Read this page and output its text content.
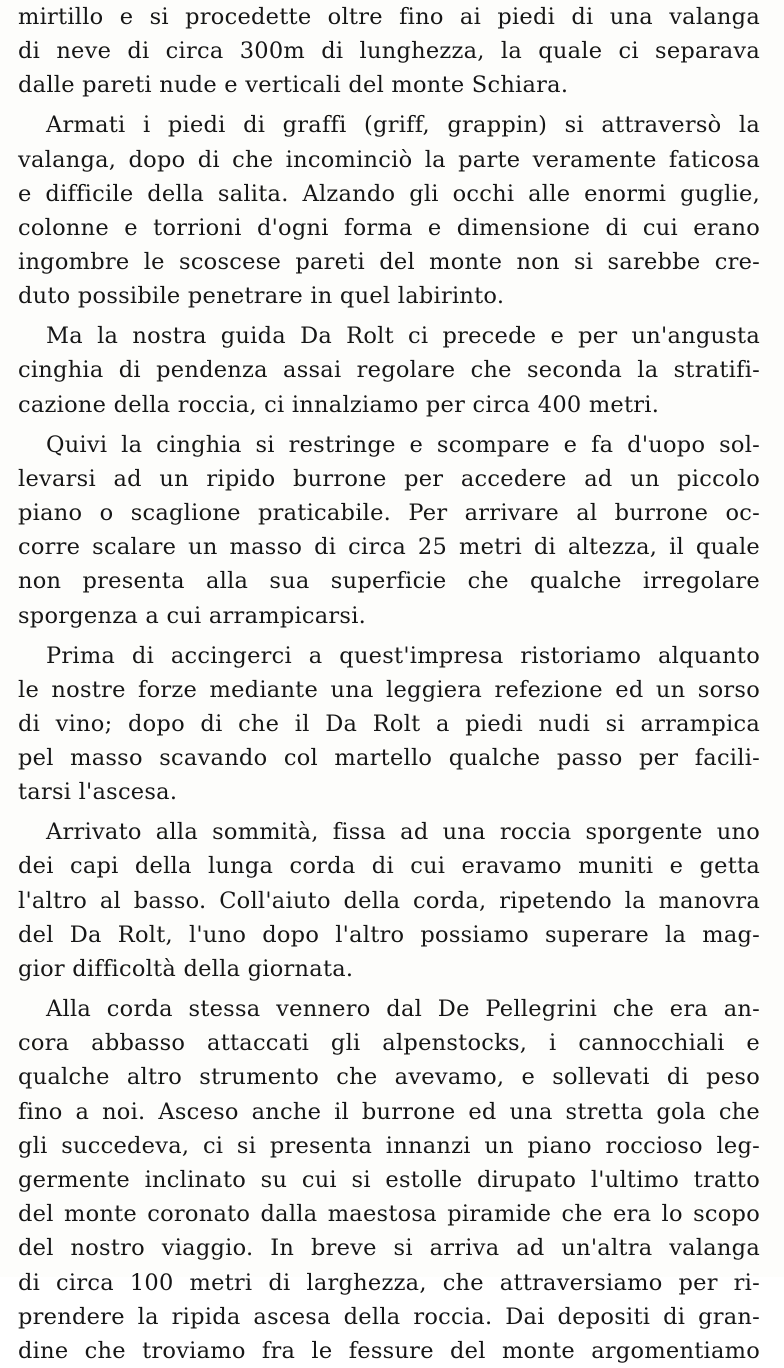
mirtillo e si procedette oltre fino ai piedi di una valanga
di neve di circa 300m di lunghezza, la quale ci separava
dalle pareti nude e verticali del monte Schiara.
Armati i piedi di graffi (griff, grappin) si attraversò la
valanga, dopo di che incominciò la parte veramente faticosa
e difficile della salita. Alzando gli occhi alle enormi guglie,
colonne e torrioni d'ogni forma e dimensione di cui erano
ingombre le scoscese pareti del monte non si sarebbe cre-
duto possibile penetrare in quel labirinto.
Ma la nostra guida Da Rolt ci precede e per un'angusta
cinghia di pendenza assai regolare che seconda la stratifi-
cazione della roccia, ci innalziamo per circa 400 metri.
Quivi la cinghia si restringe e scompare e fa d'uopo sol-
levarsi ad un ripido burrone per accedere ad un piccolo
piano o scaglione praticabile. Per arrivare al burrone oc-
corre scalare un masso di circa 25 metri di altezza, il quale
non presenta alla sua superficie che qualche irregolare
sporgenza a cui arrampicarsi.
Prima di accingerci a quest'impresa ristoriamo alquanto
le nostre forze mediante una leggiera refezione ed un sorso
di vino; dopo di che il Da Rolt a piedi nudi si arrampica
pel masso scavando col martello qualche passo per facili-
tarsi l'ascesa.
Arrivato alla sommità, fissa ad una roccia sporgente uno
dei capi della lunga corda di cui eravamo muniti e getta
l'altro al basso. Coll'aiuto della corda, ripetendo la manovra
del Da Rolt, l'uno dopo l'altro possiamo superare la mag-
gior difficoltà della giornata.
Alla corda stessa vennero dal De Pellegrini che era an-
cora abbasso attaccati gli alpenstocks, i cannocchiali e
qualche altro strumento che avevamo, e sollevati di peso
fino a noi. Asceso anche il burrone ed una stretta gola che
gli succedeva, ci si presenta innanzi un piano roccioso leg-
germente inclinato su cui si estolle dirupato l'ultimo tratto
del monte coronato dalla maestosa piramide che era lo scopo
del nostro viaggio. In breve si arriva ad un'altra valanga
di circa 100 metri di larghezza, che attraversiamo per ri-
prendere la ripida ascesa della roccia. Dai depositi di gran-
dine che troviamo fra le fessure del monte argomentiamo
